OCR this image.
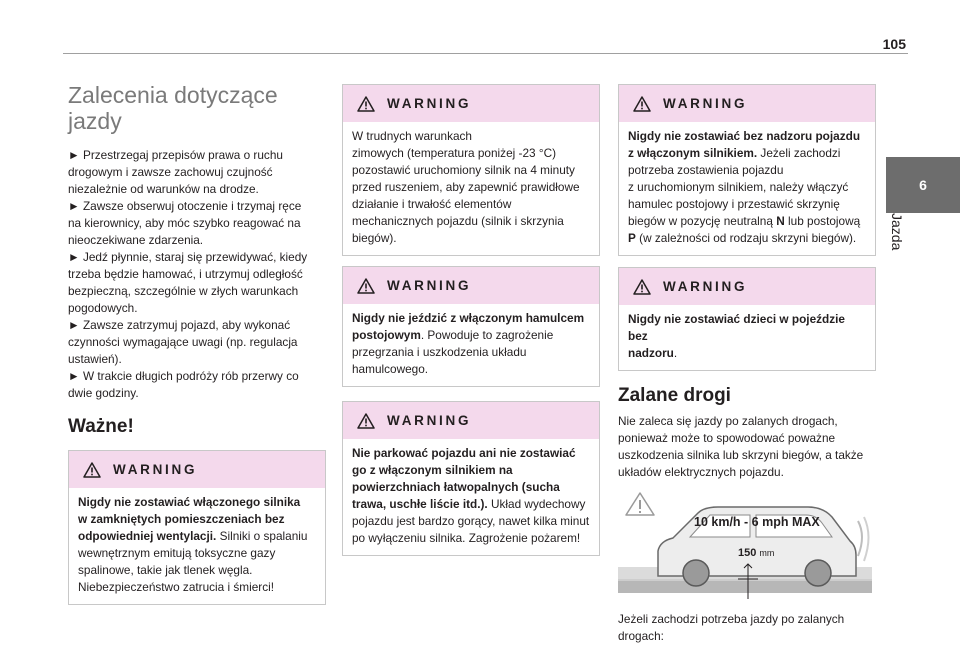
105
6
Jazda
Zalecenia dotyczące
jazdy
► Przestrzegaj przepisów prawa o ruchu
drogowym i zawsze zachowuj czujność
niezależnie od warunków na drodze.
► Zawsze obserwuj otoczenie i trzymaj ręce
na kierownicy, aby móc szybko reagować na
nieoczekiwane zdarzenia.
► Jedź płynnie, staraj się przewidywać, kiedy
trzeba będzie hamować, i utrzymuj odległość
bezpieczną, szczególnie w złych warunkach
pogodowych.
► Zawsze zatrzymuj pojazd, aby wykonać
czynności wymagające uwagi (np. regulacja
ustawień).
► W trakcie długich podróży rób przerwy co
dwie godziny.
Ważne!
WARNING
Nigdy nie zostawiać włączonego silnika
w zamkniętych pomieszczeniach bez
odpowiedniej wentylacji. Silniki o spalaniu
wewnętrznym emitują toksyczne gazy
spalinowe, takie jak tlenek węgla.
Niebezpieczeństwo zatrucia i śmierci!
WARNING
W trudnych warunkach
zimowych (temperatura poniżej -23 °C)
pozostawić uruchomiony silnik na 4 minuty
przed ruszeniem, aby zapewnić prawidłowe
działanie i trwałość elementów
mechanicznych pojazdu (silnik i skrzynia
biegów).
WARNING
Nigdy nie jeździć z włączonym hamulcem
postojowym. Powoduje to zagrożenie
przegrzania i uszkodzenia układu
hamulcowego.
WARNING
Nie parkować pojazdu ani nie zostawiać
go z włączonym silnikiem na
powierzchniach łatwopalnych (sucha
trawa, uschłe liście itd.). Układ wydechowy
pojazdu jest bardzo gorący, nawet kilka minut
po wyłączeniu silnika. Zagrożenie pożarem!
WARNING
Nigdy nie zostawiać bez nadzoru pojazdu
z włączonym silnikiem. Jeżeli zachodzi
potrzeba zostawienia pojazdu
z uruchomionym silnikiem, należy włączyć
hamulec postojowy i przestawić skrzynię
biegów w pozycję neutralną N lub postojową
P (w zależności od rodzaju skrzyni biegów).
WARNING
Nigdy nie zostawiać dzieci w pojeździe bez
nadzoru.
Zalane drogi
Nie zaleca się jazdy po zalanych drogach,
ponieważ może to spowodować poważne
uszkodzenia silnika lub skrzyni biegów, a także
układów elektrycznych pojazdu.
10 km/h - 6 mph MAX
150 mm
Jeżeli zachodzi potrzeba jazdy po zalanych
drogach:
